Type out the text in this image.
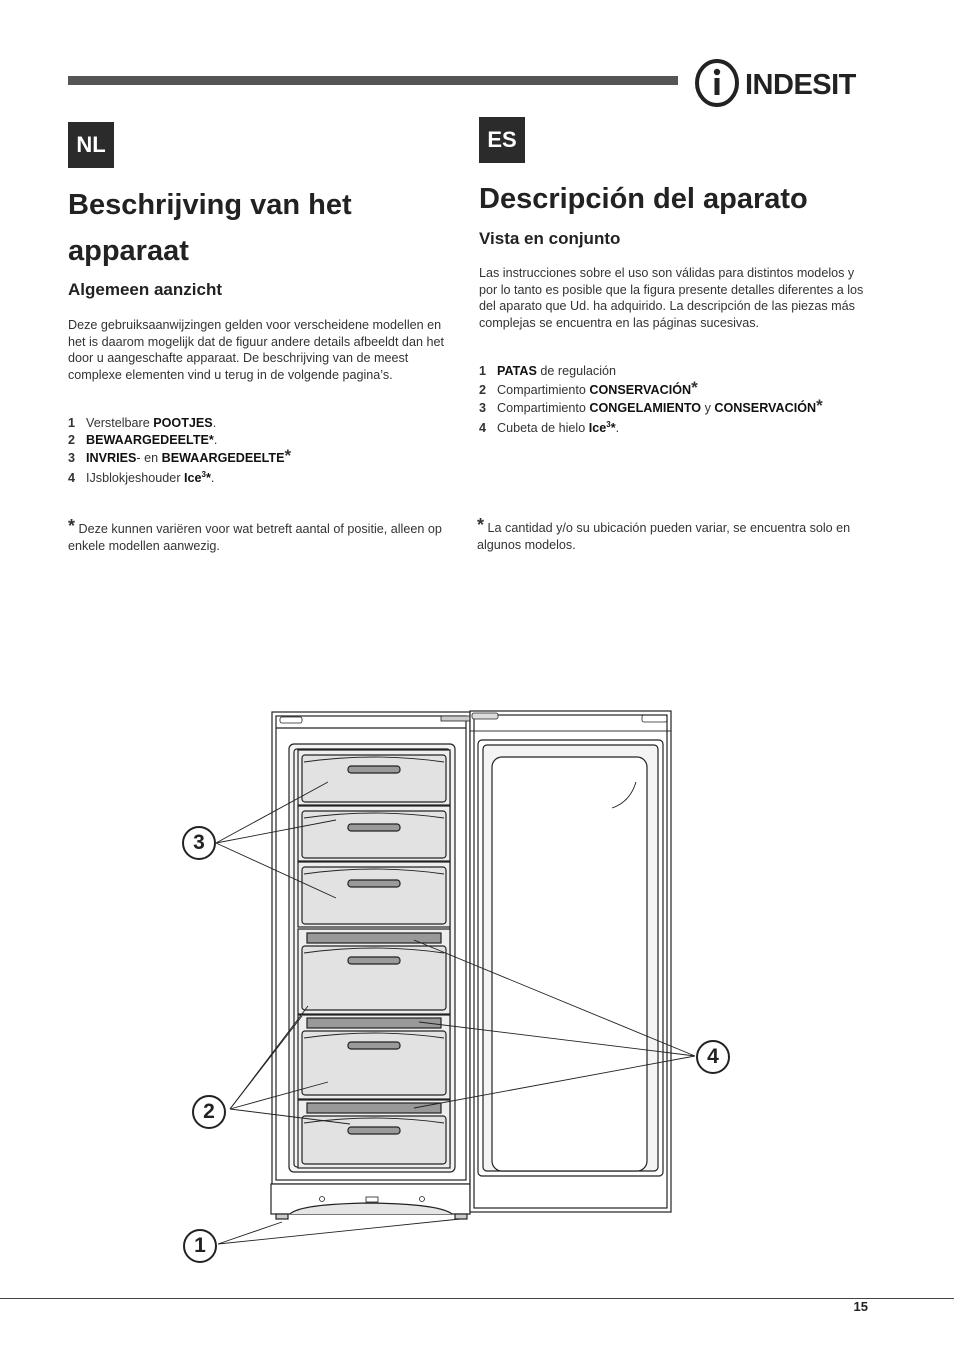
INDESIT
NL
Beschrijving van het
apparaat
Algemeen aanzicht

Deze gebruiksaanwijzingen gelden voor verscheidene modellen en het is daarom mogelijk dat de figuur andere details afbeeldt dan het door u aangeschafte apparaat. De beschrijving van de meest complexe elementen vind u terug in de volgende pagina’s.

1 Verstelbare POOTJES.
2 BEWAARGEDEELTE*.
3 INVRIES- en BEWAARGEDEELTE*
4 IJsblokjeshouder Ice$^3$*.

* Deze kunnen variëren voor wat betreft aantal of positie, alleen op enkele modellen aanwezig.

ES
Descripción del aparato
Vista en conjunto

Las instrucciones sobre el uso son válidas para distintos modelos y por lo tanto es posible que la figura presente detalles diferentes a los del aparato que Ud. ha adquirido. La descripción de las piezas más complejas se encuentra en las páginas sucesivas.

1 PATAS de regulación
2 Compartimiento CONSERVACIÓN*
3 Compartimiento CONGELAMIENTO y CONSERVACIÓN*
4 Cubeta de hielo Ice$^3$*.

* La cantidad y/o su ubicación pueden variar, se encuentra solo en algunos modelos.

3
2
1
4
15
